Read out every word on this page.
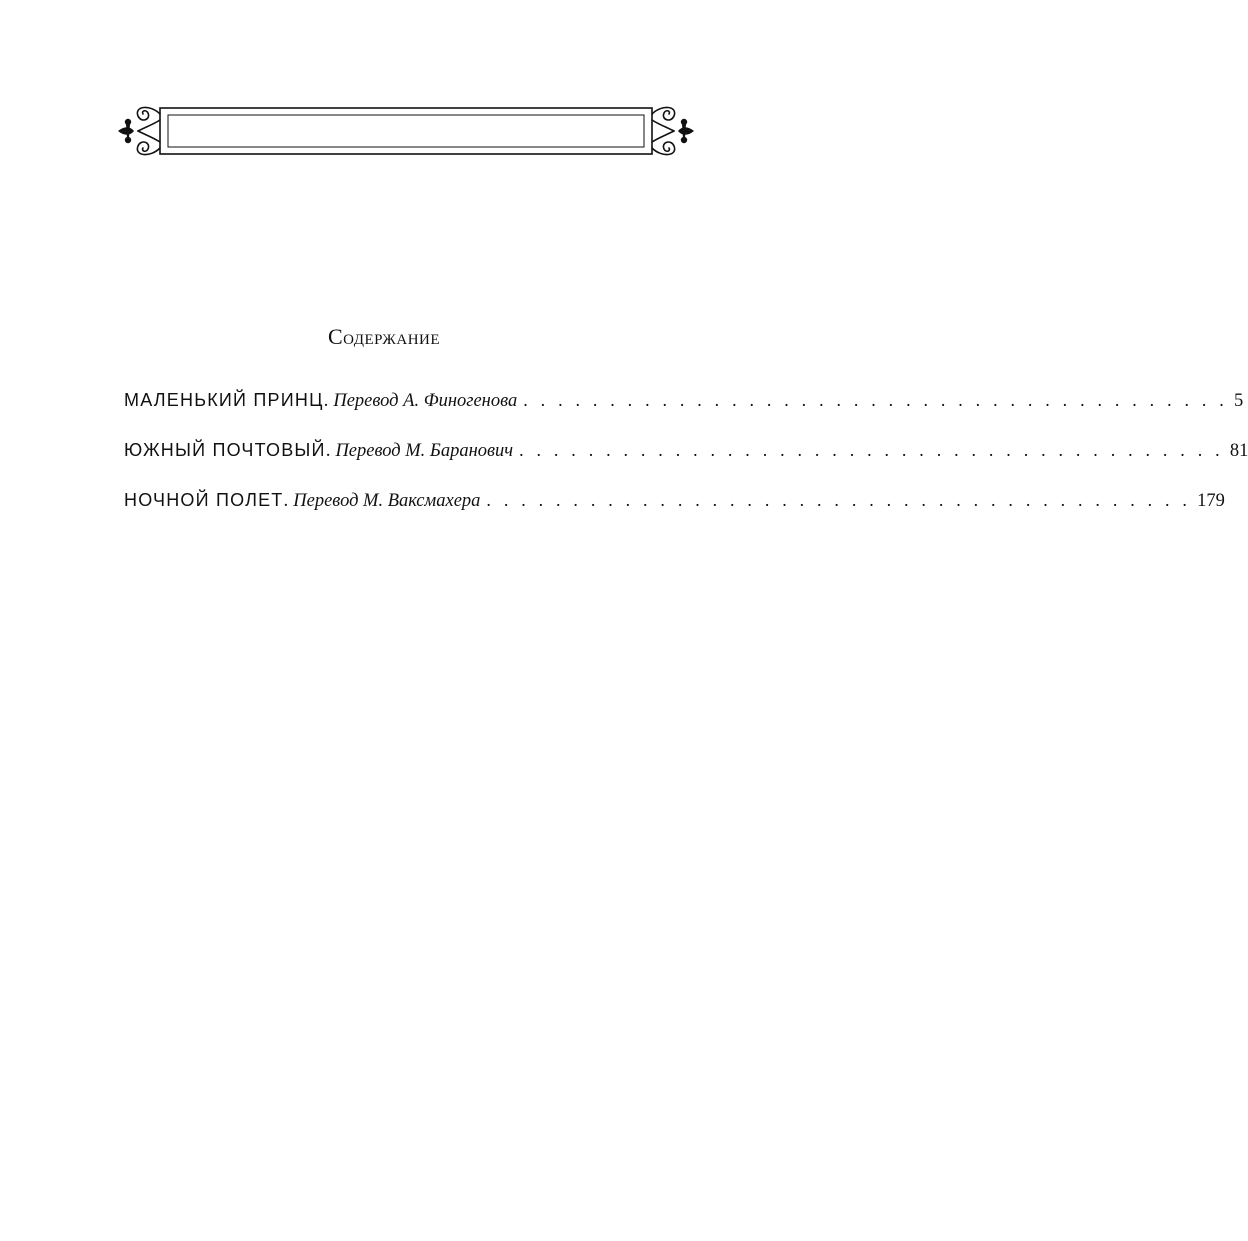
Содержание
МАЛЕНЬКИЙ ПРИНЦ . Перевод А. Финогенова . . . . . . . . . . . . . . . . . . . . . . . . . . . . . . . . . . . . . . . . . 5
ЮЖНЫЙ ПОЧТОВЫЙ . Перевод М. Баранович . . . . . . . . . . . . . . . . . . . . . . . . . . . . . . . . . . . . . . . . . 81
НОЧНОЙ ПОЛЕТ . Перевод М. Ваксмахера . . . . . . . . . . . . . . . . . . . . . . . . . . . . . . . . . . . . . . . . . 179
